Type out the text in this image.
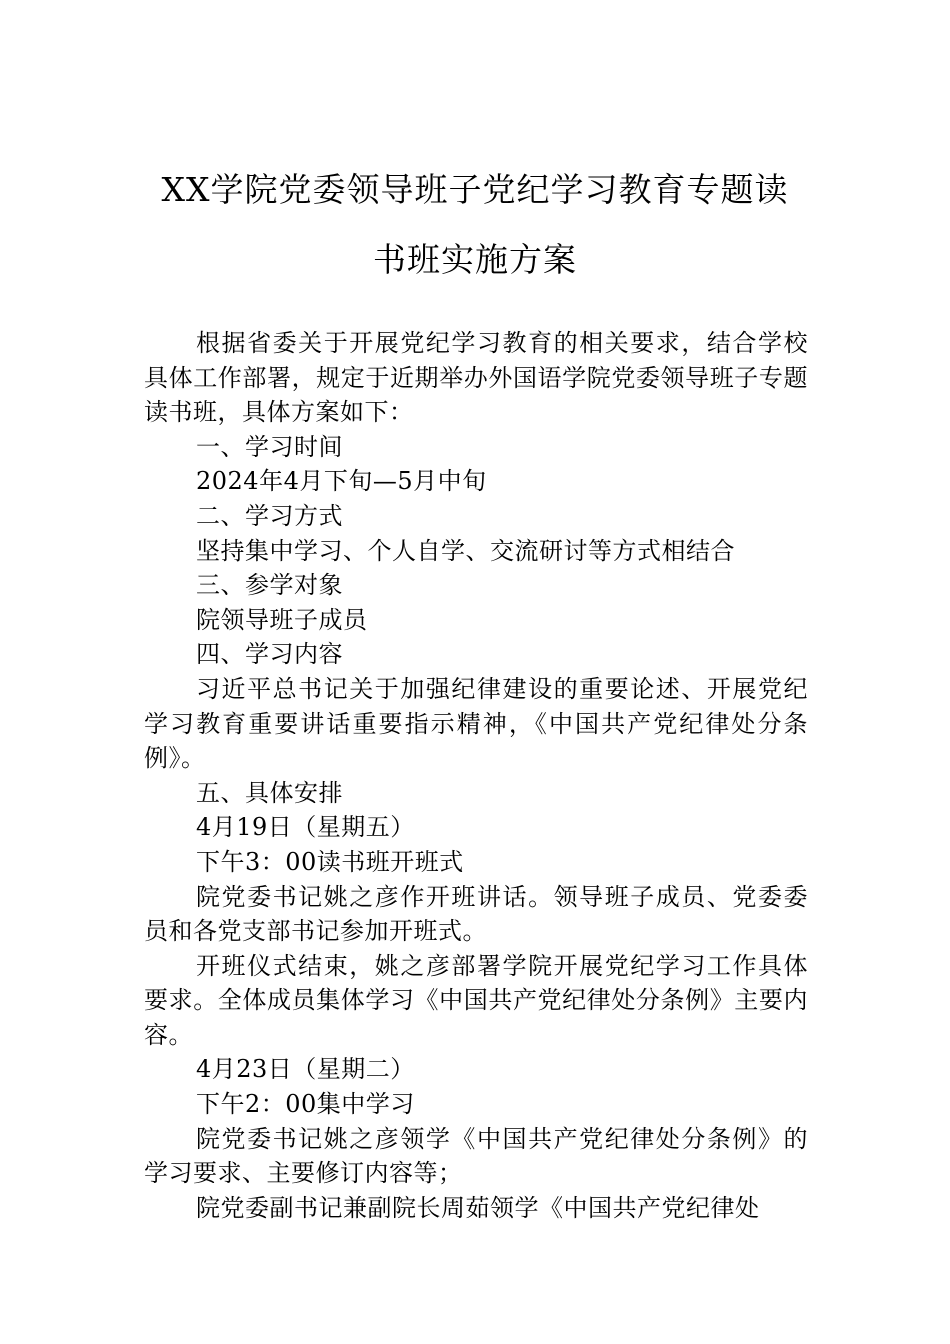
XX学院党委领导班子党纪学习教育专题读
书班实施方案

根据省委关于开展党纪学习教育的相关要求，结合学校具体工作部署，规定于近期举办外国语学院党委领导班子专题读书班，具体方案如下：

一、学习时间

2024年4月下旬—5月中旬

二、学习方式

坚持集中学习、个人自学、交流研讨等方式相结合

三、参学对象

院领导班子成员

四、学习内容

习近平总书记关于加强纪律建设的重要论述、开展党纪学习教育重要讲话重要指示精神，《中国共产党纪律处分条例》。

五、具体安排

4月19日（星期五）

下午3：00读书班开班式

院党委书记姚之彦作开班讲话。领导班子成员、党委委员和各党支部书记参加开班式。

开班仪式结束，姚之彦部署学院开展党纪学习工作具体要求。全体成员集体学习《中国共产党纪律处分条例》主要内容。

4月23日（星期二）

下午2：00集中学习

院党委书记姚之彦领学《中国共产党纪律处分条例》的学习要求、主要修订内容等；

院党委副书记兼副院长周茹领学《中国共产党纪律处
